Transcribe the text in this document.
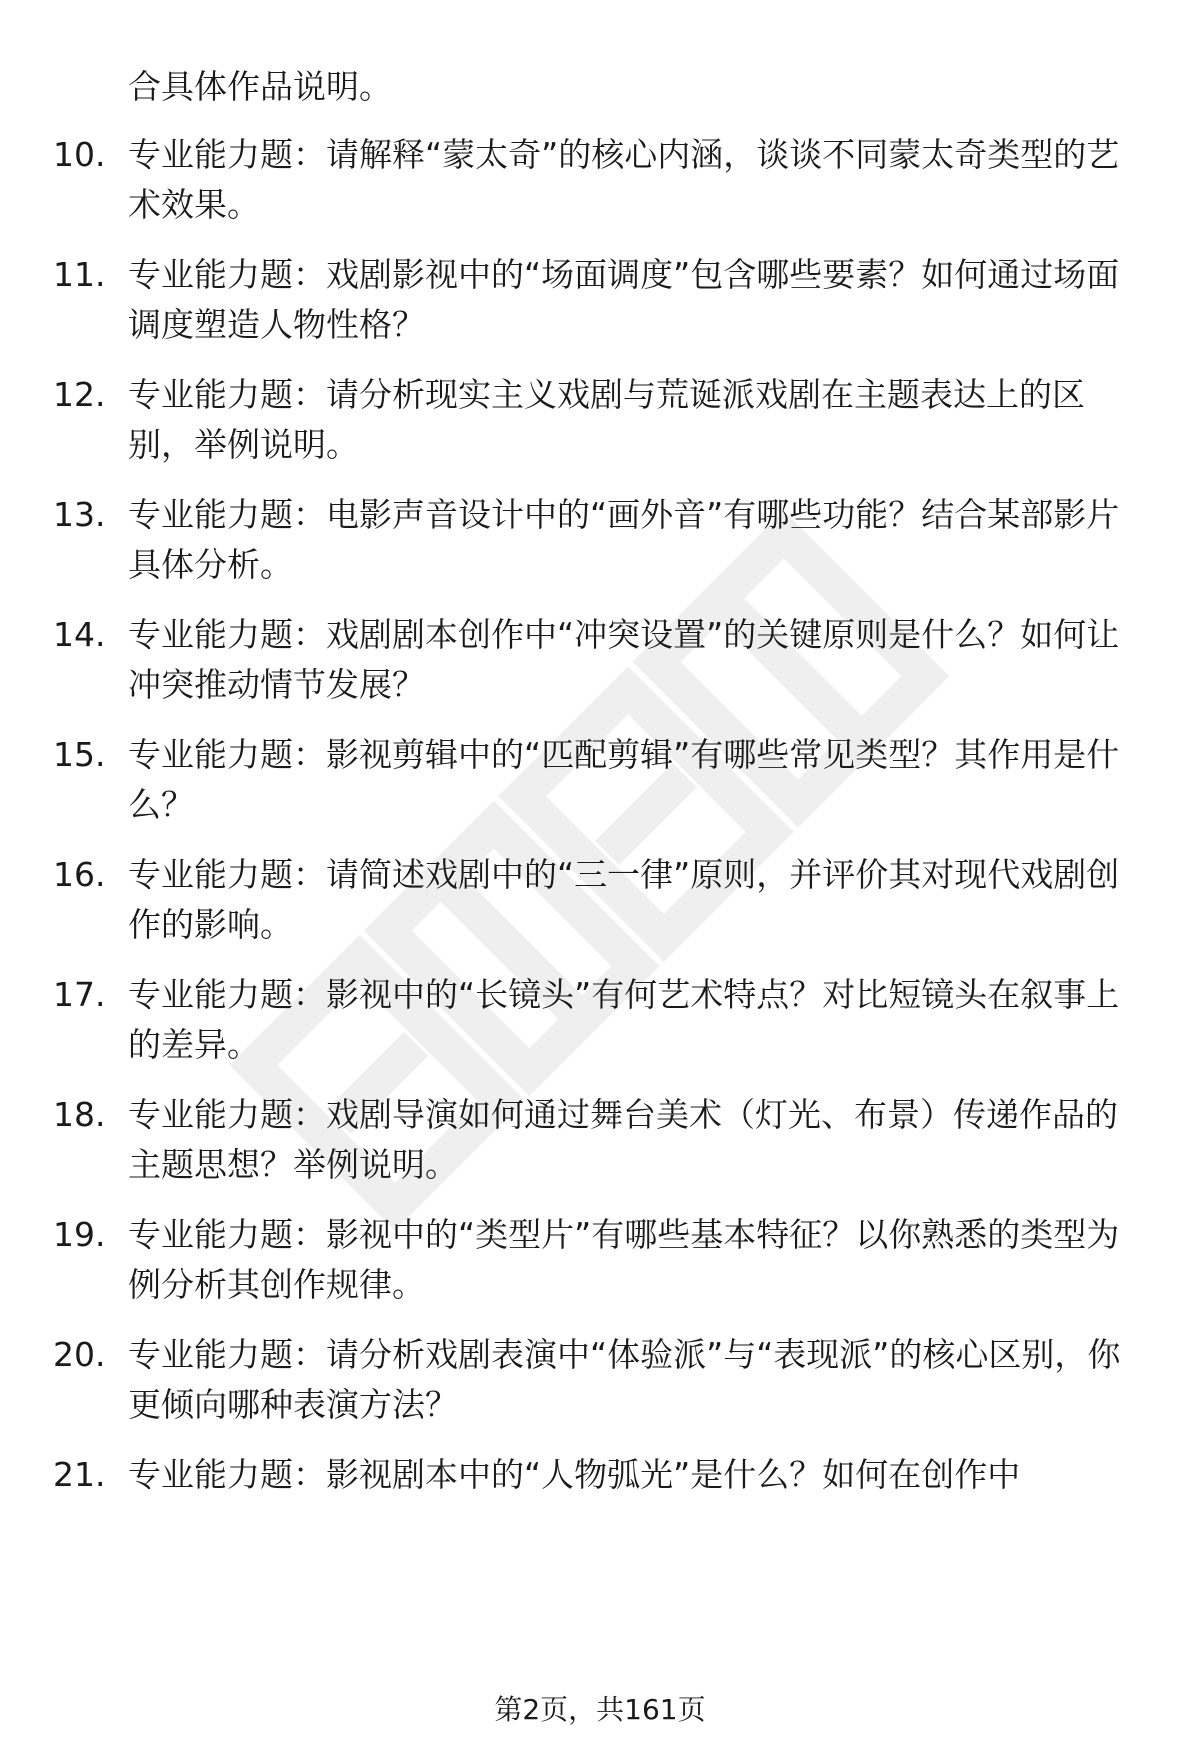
合具体作品说明。
10. 专业能力题：请解释“蒙太奇”的核心内涵，谈谈不同蒙太奇类型的艺术效果。
11. 专业能力题：戏剧影视中的“场面调度”包含哪些要素？如何通过场面调度塑造人物性格？
12. 专业能力题：请分析现实主义戏剧与荒诞派戏剧在主题表达上的区别，举例说明。
13. 专业能力题：电影声音设计中的“画外音”有哪些功能？结合某部影片具体分析。
14. 专业能力题：戏剧剧本创作中“冲突设置”的关键原则是什么？如何让冲突推动情节发展？
15. 专业能力题：影视剪辑中的“匹配剪辑”有哪些常见类型？其作用是什么？
16. 专业能力题：请简述戏剧中的“三一律”原则，并评价其对现代戏剧创作的影响。
17. 专业能力题：影视中的“长镜头”有何艺术特点？对比短镜头在叙事上的差异。
18. 专业能力题：戏剧导演如何通过舞台美术（灯光、布景）传递作品的主题思想？举例说明。
19. 专业能力题：影视中的“类型片”有哪些基本特征？以你熟悉的类型为例分析其创作规律。
20. 专业能力题：请分析戏剧表演中“体验派”与“表现派”的核心区别，你更倾向哪种表演方法？
21. 专业能力题：影视剧本中的“人物弧光”是什么？如何在创作中
第2页，共161页
